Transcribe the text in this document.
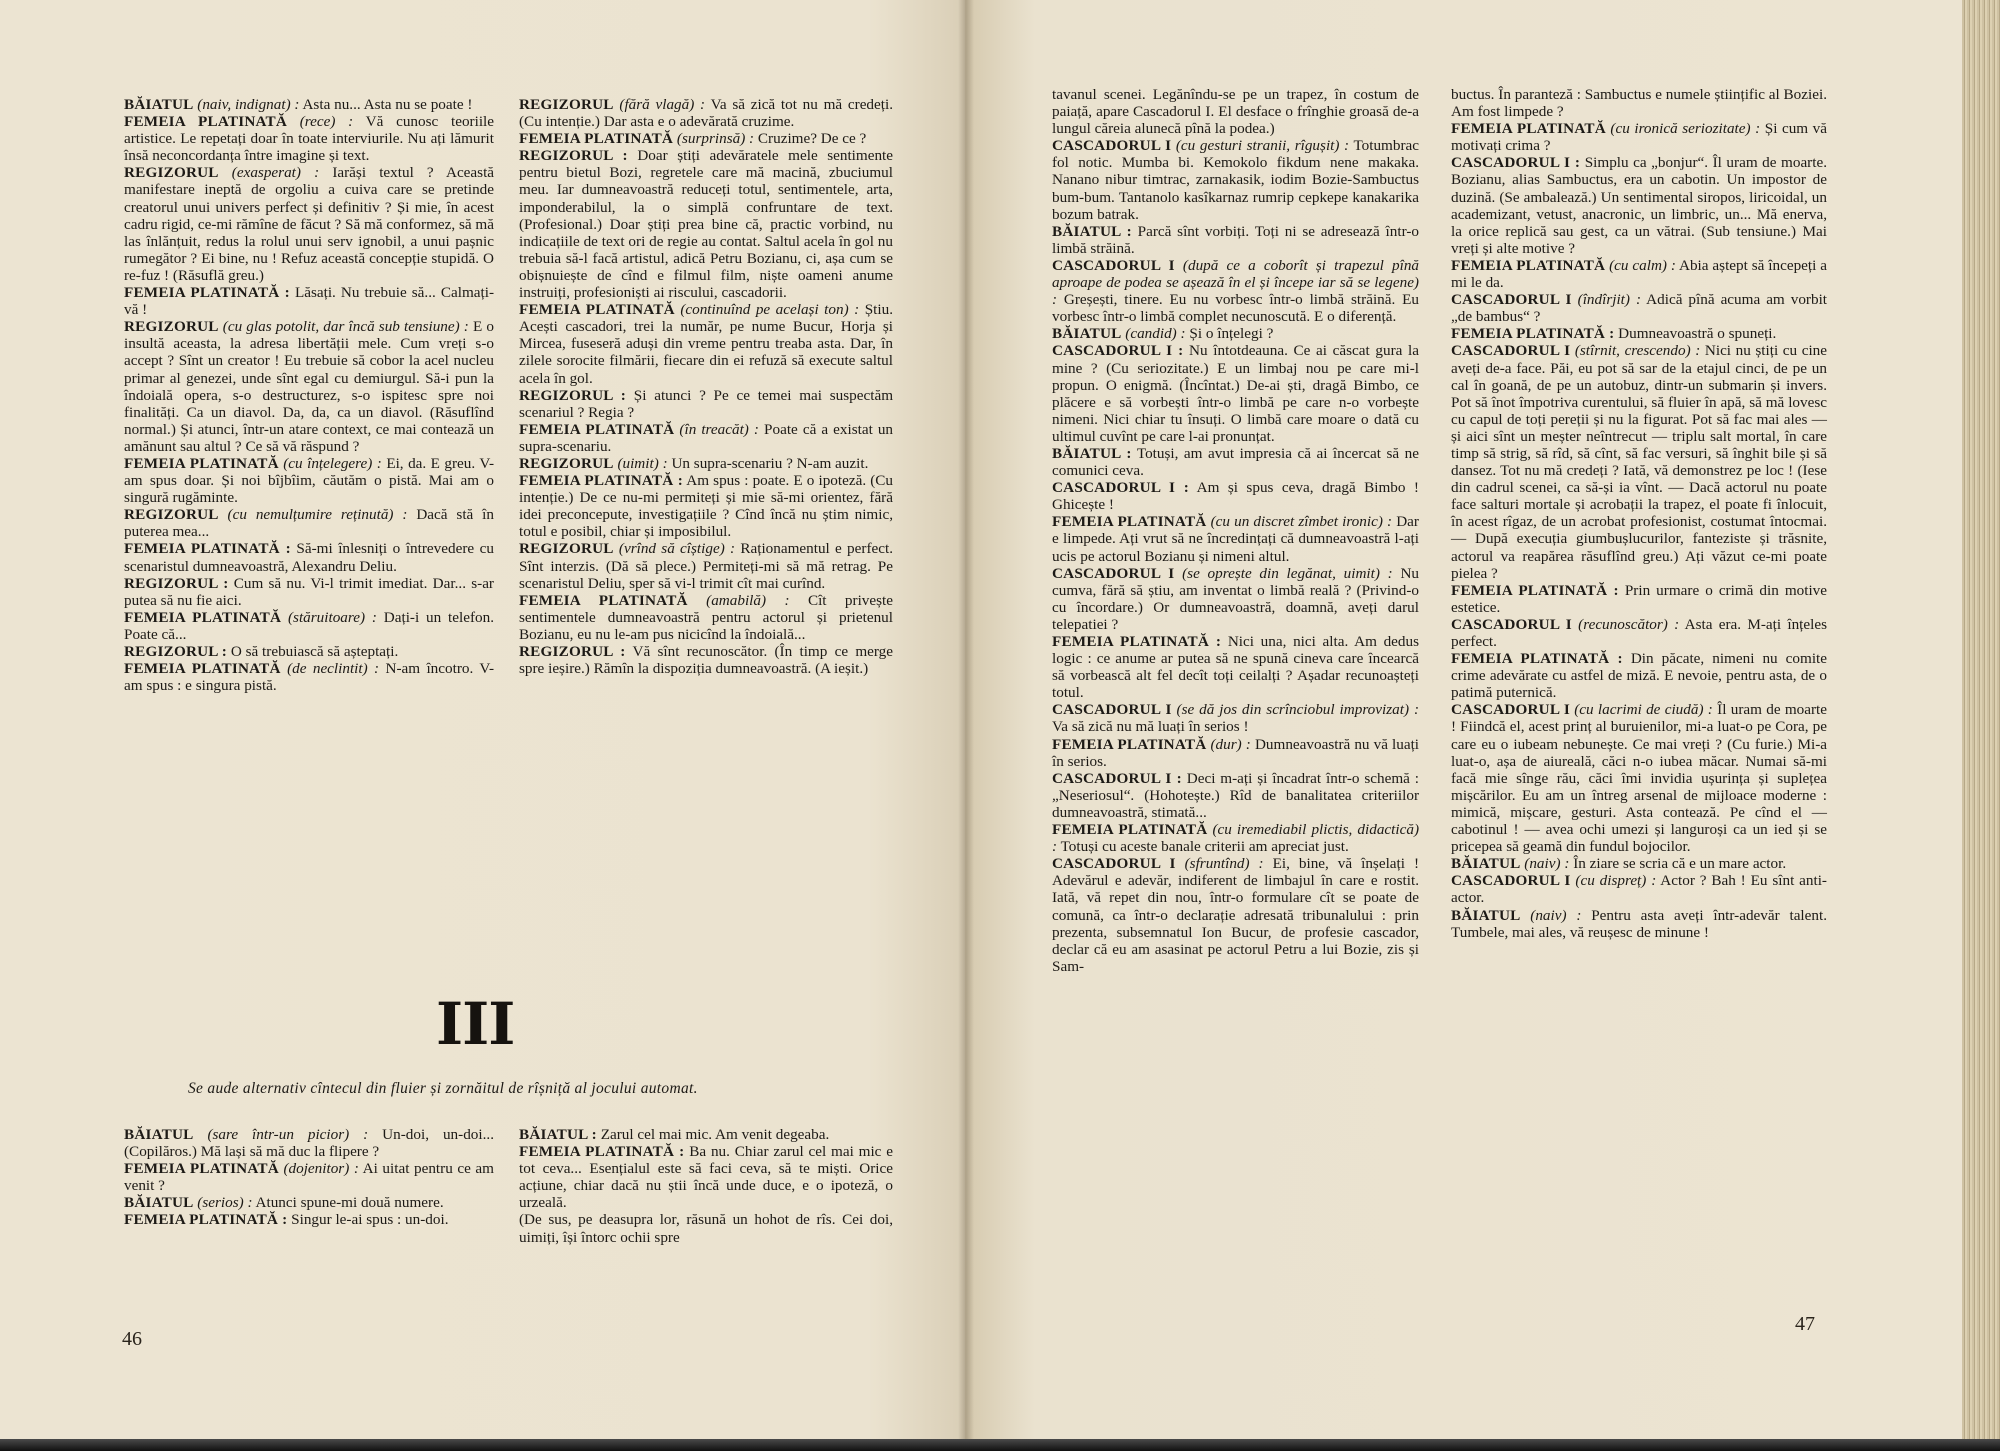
BĂIATUL (naiv, indignat) : Asta nu... Asta nu se poate !

FEMEIA PLATINATĂ (rece) : Vă cunosc teoriile artistice. Le repetați doar în toate interviurile. Nu ați lămurit însă neconcordanța între imagine și text.

REGIZORUL (exasperat) : Iarăși textul ? Această manifestare ineptă de orgoliu a cuiva care se pretinde creatorul unui univers perfect și definitiv ? Și mie, în acest cadru rigid, ce-mi rămîne de făcut ? Să mă conformez, să mă las înlănțuit, redus la rolul unui serv ignobil, a unui pașnic rumegător ? Ei bine, nu ! Refuz această concepție stupidă. O re-fuz ! (Răsuflă greu.)

FEMEIA PLATINATĂ : Lăsați. Nu trebuie să... Calmați-vă !

REGIZORUL (cu glas potolit, dar încă sub tensiune) : E o insultă aceasta, la adresa libertății mele. Cum vreți s-o accept ? Sînt un creator ! Eu trebuie să cobor la acel nucleu primar al genezei, unde sînt egal cu demiurgul. Să-i pun la îndoială opera, s-o destructurez, s-o ispitesc spre noi finalități. Ca un diavol. Da, da, ca un diavol. (Răsuflînd normal.) Și atunci, într-un atare context, ce mai contează un amănunt sau altul ? Ce să vă răspund ?

FEMEIA PLATINATĂ (cu înțelegere) : Ei, da. E greu. V-am spus doar. Și noi bîjbîim, căutăm o pistă. Mai am o singură rugăminte.

REGIZORUL (cu nemulțumire reținută) : Dacă stă în puterea mea...

FEMEIA PLATINATĂ : Să-mi înlesniți o întrevedere cu scenaristul dumneavoastră, Alexandru Deliu.

REGIZORUL : Cum să nu. Vi-l trimit imediat. Dar... s-ar putea să nu fie aici.

FEMEIA PLATINATĂ (stăruitoare) : Dați-i un telefon. Poate că...

REGIZORUL : O să trebuiască să așteptați.

FEMEIA PLATINATĂ (de neclintit) : N-am încotro. V-am spus : e singura pistă.

REGIZORUL (fără vlagă) : Va să zică tot nu mă credeți. (Cu intenție.) Dar asta e o adevărată cruzime.

FEMEIA PLATINATĂ (surprinsă) : Cruzime? De ce ?

REGIZORUL : Doar știți adevăratele mele sentimente pentru bietul Bozi, regretele care mă macină, zbuciumul meu. Iar dumneavoastră reduceți totul, sentimentele, arta, imponderabilul, la o simplă confruntare de text. (Profesional.) Doar știți prea bine că, practic vorbind, nu indicațiile de text ori de regie au contat. Saltul acela în gol nu trebuia să-l facă artistul, adică Petru Bozianu, ci, așa cum se obișnuiește de cînd e filmul film, niște oameni anume instruiți, profesioniști ai riscului, cascadorii.

FEMEIA PLATINATĂ (continuînd pe același ton) : Știu. Acești cascadori, trei la număr, pe nume Bucur, Horja și Mircea, fuseseră aduși din vreme pentru treaba asta. Dar, în zilele sorocite filmării, fiecare din ei refuză să execute saltul acela în gol.

REGIZORUL : Și atunci ? Pe ce temei mai suspectăm scenariul ? Regia ?

FEMEIA PLATINATĂ (în treacăt) : Poate că a existat un supra-scenariu.

REGIZORUL (uimit) : Un supra-scenariu ? N-am auzit.

FEMEIA PLATINATĂ : Am spus : poate. E o ipoteză. (Cu intenție.) De ce nu-mi permiteți și mie să-mi orientez, fără idei preconcepute, investigațiile ? Cînd încă nu știm nimic, totul e posibil, chiar și imposibilul.

REGIZORUL (vrînd să cîștige) : Raționamentul e perfect. Sînt interzis. (Dă să plece.) Permiteți-mi să mă retrag. Pe scenaristul Deliu, sper să vi-l trimit cît mai curînd.

FEMEIA PLATINATĂ (amabilă) : Cît privește sentimentele dumneavoastră pentru actorul și prietenul Bozianu, eu nu le-am pus nicicînd la îndoială...

REGIZORUL : Vă sînt recunoscător. (În timp ce merge spre ieșire.) Rămîn la dispoziția dumneavoastră. (A ieșit.)

III
Se aude alternativ cîntecul din fluier și zornăitul de rîșniță al jocului automat.

BĂIATUL (sare într-un picior) : Un-doi, un-doi... (Copilăros.) Mă lași să mă duc la flipere ?

FEMEIA PLATINATĂ (dojenitor) : Ai uitat pentru ce am venit ?

BĂIATUL (serios) : Atunci spune-mi două numere.

FEMEIA PLATINATĂ : Singur le-ai spus : un-doi.

BĂIATUL : Zarul cel mai mic. Am venit degeaba.

FEMEIA PLATINATĂ : Ba nu. Chiar zarul cel mai mic e tot ceva... Esențialul este să faci ceva, să te miști. Orice acțiune, chiar dacă nu știi încă unde duce, e o ipoteză, o urzeală.

(De sus, pe deasupra lor, răsună un hohot de rîs. Cei doi, uimiți, își întorc ochii spre

46

tavanul scenei. Legănîndu-se pe un trapez, în costum de paiață, apare Cascadorul I. El desface o frînghie groasă de-a lungul căreia alunecă pînă la podea.)

CASCADORUL I (cu gesturi stranii, rîgușit) : Totumbrac fol notic. Mumba bi. Kemokolo fikdum nene makaka. Nanano nibur timtrac, zarnakasik, iodim Bozie-Sambuctus bum-bum. Tantanolo kasîkarnaz rumrip cepkepe kanakarika bozum batrak.

BĂIATUL : Parcă sînt vorbiți. Toți ni se adresează într-o limbă străină.

CASCADORUL I (după ce a coborît și trapezul pînă aproape de podea se așează în el și începe iar să se legene) : Greșești, tinere. Eu nu vorbesc într-o limbă străină. Eu vorbesc într-o limbă complet necunoscută. E o diferență.

BĂIATUL (candid) : Și o înțelegi ?

CASCADORUL I : Nu întotdeauna. Ce ai căscat gura la mine ? (Cu seriozitate.) E un limbaj nou pe care mi-l propun. O enigmă. (Încîntat.) De-ai ști, dragă Bimbo, ce plăcere e să vorbești într-o limbă pe care n-o vorbește nimeni. Nici chiar tu însuți. O limbă care moare o dată cu ultimul cuvînt pe care l-ai pronunțat.

BĂIATUL : Totuși, am avut impresia că ai încercat să ne comunici ceva.

CASCADORUL I : Am și spus ceva, dragă Bimbo ! Ghicește !

FEMEIA PLATINATĂ (cu un discret zîmbet ironic) : Dar e limpede. Ați vrut să ne încredințați că dumneavoastră l-ați ucis pe actorul Bozianu și nimeni altul.

CASCADORUL I (se oprește din legănat, uimit) : Nu cumva, fără să știu, am inventat o limbă reală ? (Privind-o cu încordare.) Or dumneavoastră, doamnă, aveți darul telepatiei ?

FEMEIA PLATINATĂ : Nici una, nici alta. Am dedus logic : ce anume ar putea să ne spună cineva care încearcă să vorbească alt fel decît toți ceilalți ? Așadar recunoașteți totul.

CASCADORUL I (se dă jos din scrînciobul improvizat) : Va să zică nu mă luați în serios !

FEMEIA PLATINATĂ (dur) : Dumneavoastră nu vă luați în serios.

CASCADORUL I : Deci m-ați și încadrat într-o schemă : „Neseriosul“. (Hohotește.) Rîd de banalitatea criteriilor dumneavoastră, stimată...

FEMEIA PLATINATĂ (cu iremediabil plictis, didactică) : Totuși cu aceste banale criterii am apreciat just.

CASCADORUL I (sfruntînd) : Ei, bine, vă înșelați ! Adevărul e adevăr, indiferent de limbajul în care e rostit. Iată, vă repet din nou, într-o formulare cît se poate de comună, ca într-o declarație adresată tribunalului : prin prezenta, subsemnatul Ion Bucur, de profesie cascador, declar că eu am asasinat pe actorul Petru a lui Bozie, zis și Sam-

buctus. În paranteză : Sambuctus e numele științific al Boziei. Am fost limpede ?

FEMEIA PLATINATĂ (cu ironică seriozitate) : Și cum vă motivați crima ?

CASCADORUL I : Simplu ca „bonjur“. Îl uram de moarte. Bozianu, alias Sambuctus, era un cabotin. Un impostor de duzină. (Se ambalează.) Un sentimental siropos, liricoidal, un academizant, vetust, anacronic, un limbric, un... Mă enerva, la orice replică sau gest, ca un vătrai. (Sub tensiune.) Mai vreți și alte motive ?

FEMEIA PLATINATĂ (cu calm) : Abia aștept să începeți a mi le da.

CASCADORUL I (îndîrjit) : Adică pînă acuma am vorbit „de bambus“ ?

FEMEIA PLATINATĂ : Dumneavoastră o spuneți.

CASCADORUL I (stîrnit, crescendo) : Nici nu știți cu cine aveți de-a face. Păi, eu pot să sar de la etajul cinci, de pe un cal în goană, de pe un autobuz, dintr-un submarin și invers. Pot să înot împotriva curentului, să fluier în apă, să mă lovesc cu capul de toți pereții și nu la figurat. Pot să fac mai ales — și aici sînt un meșter neîntrecut — triplu salt mortal, în care timp să strig, să rîd, să cînt, să fac versuri, să înghit bile și să dansez. Tot nu mă credeți ? Iată, vă demonstrez pe loc ! (Iese din cadrul scenei, ca să-și ia vînt. — Dacă actorul nu poate face salturi mortale și acrobații la trapez, el poate fi înlocuit, în acest rîgaz, de un acrobat profesionist, costumat întocmai. — După execuția giumbușlucurilor, fanteziste și trăsnite, actorul va reapărea răsuflînd greu.) Ați văzut ce-mi poate pielea ?

FEMEIA PLATINATĂ : Prin urmare o crimă din motive estetice.

CASCADORUL I (recunoscător) : Asta era. M-ați înțeles perfect.

FEMEIA PLATINATĂ : Din păcate, nimeni nu comite crime adevărate cu astfel de miză. E nevoie, pentru asta, de o patimă puternică.

CASCADORUL I (cu lacrimi de ciudă) : Îl uram de moarte ! Fiindcă el, acest prinț al buruienilor, mi-a luat-o pe Cora, pe care eu o iubeam nebunește. Ce mai vreți ? (Cu furie.) Mi-a luat-o, așa de aiureală, căci n-o iubea măcar. Numai să-mi facă mie sînge rău, căci îmi invidia ușurința și suplețea mișcărilor. Eu am un întreg arsenal de mijloace moderne : mimică, mișcare, gesturi. Asta contează. Pe cînd el — cabotinul ! — avea ochi umezi și languroși ca un ied și se pricepea să geamă din fundul bojocilor.

BĂIATUL (naiv) : În ziare se scria că e un mare actor.

CASCADORUL I (cu dispreț) : Actor ? Bah ! Eu sînt anti-actor.

BĂIATUL (naiv) : Pentru asta aveți într-adevăr talent. Tumbele, mai ales, vă reușesc de minune !

47
